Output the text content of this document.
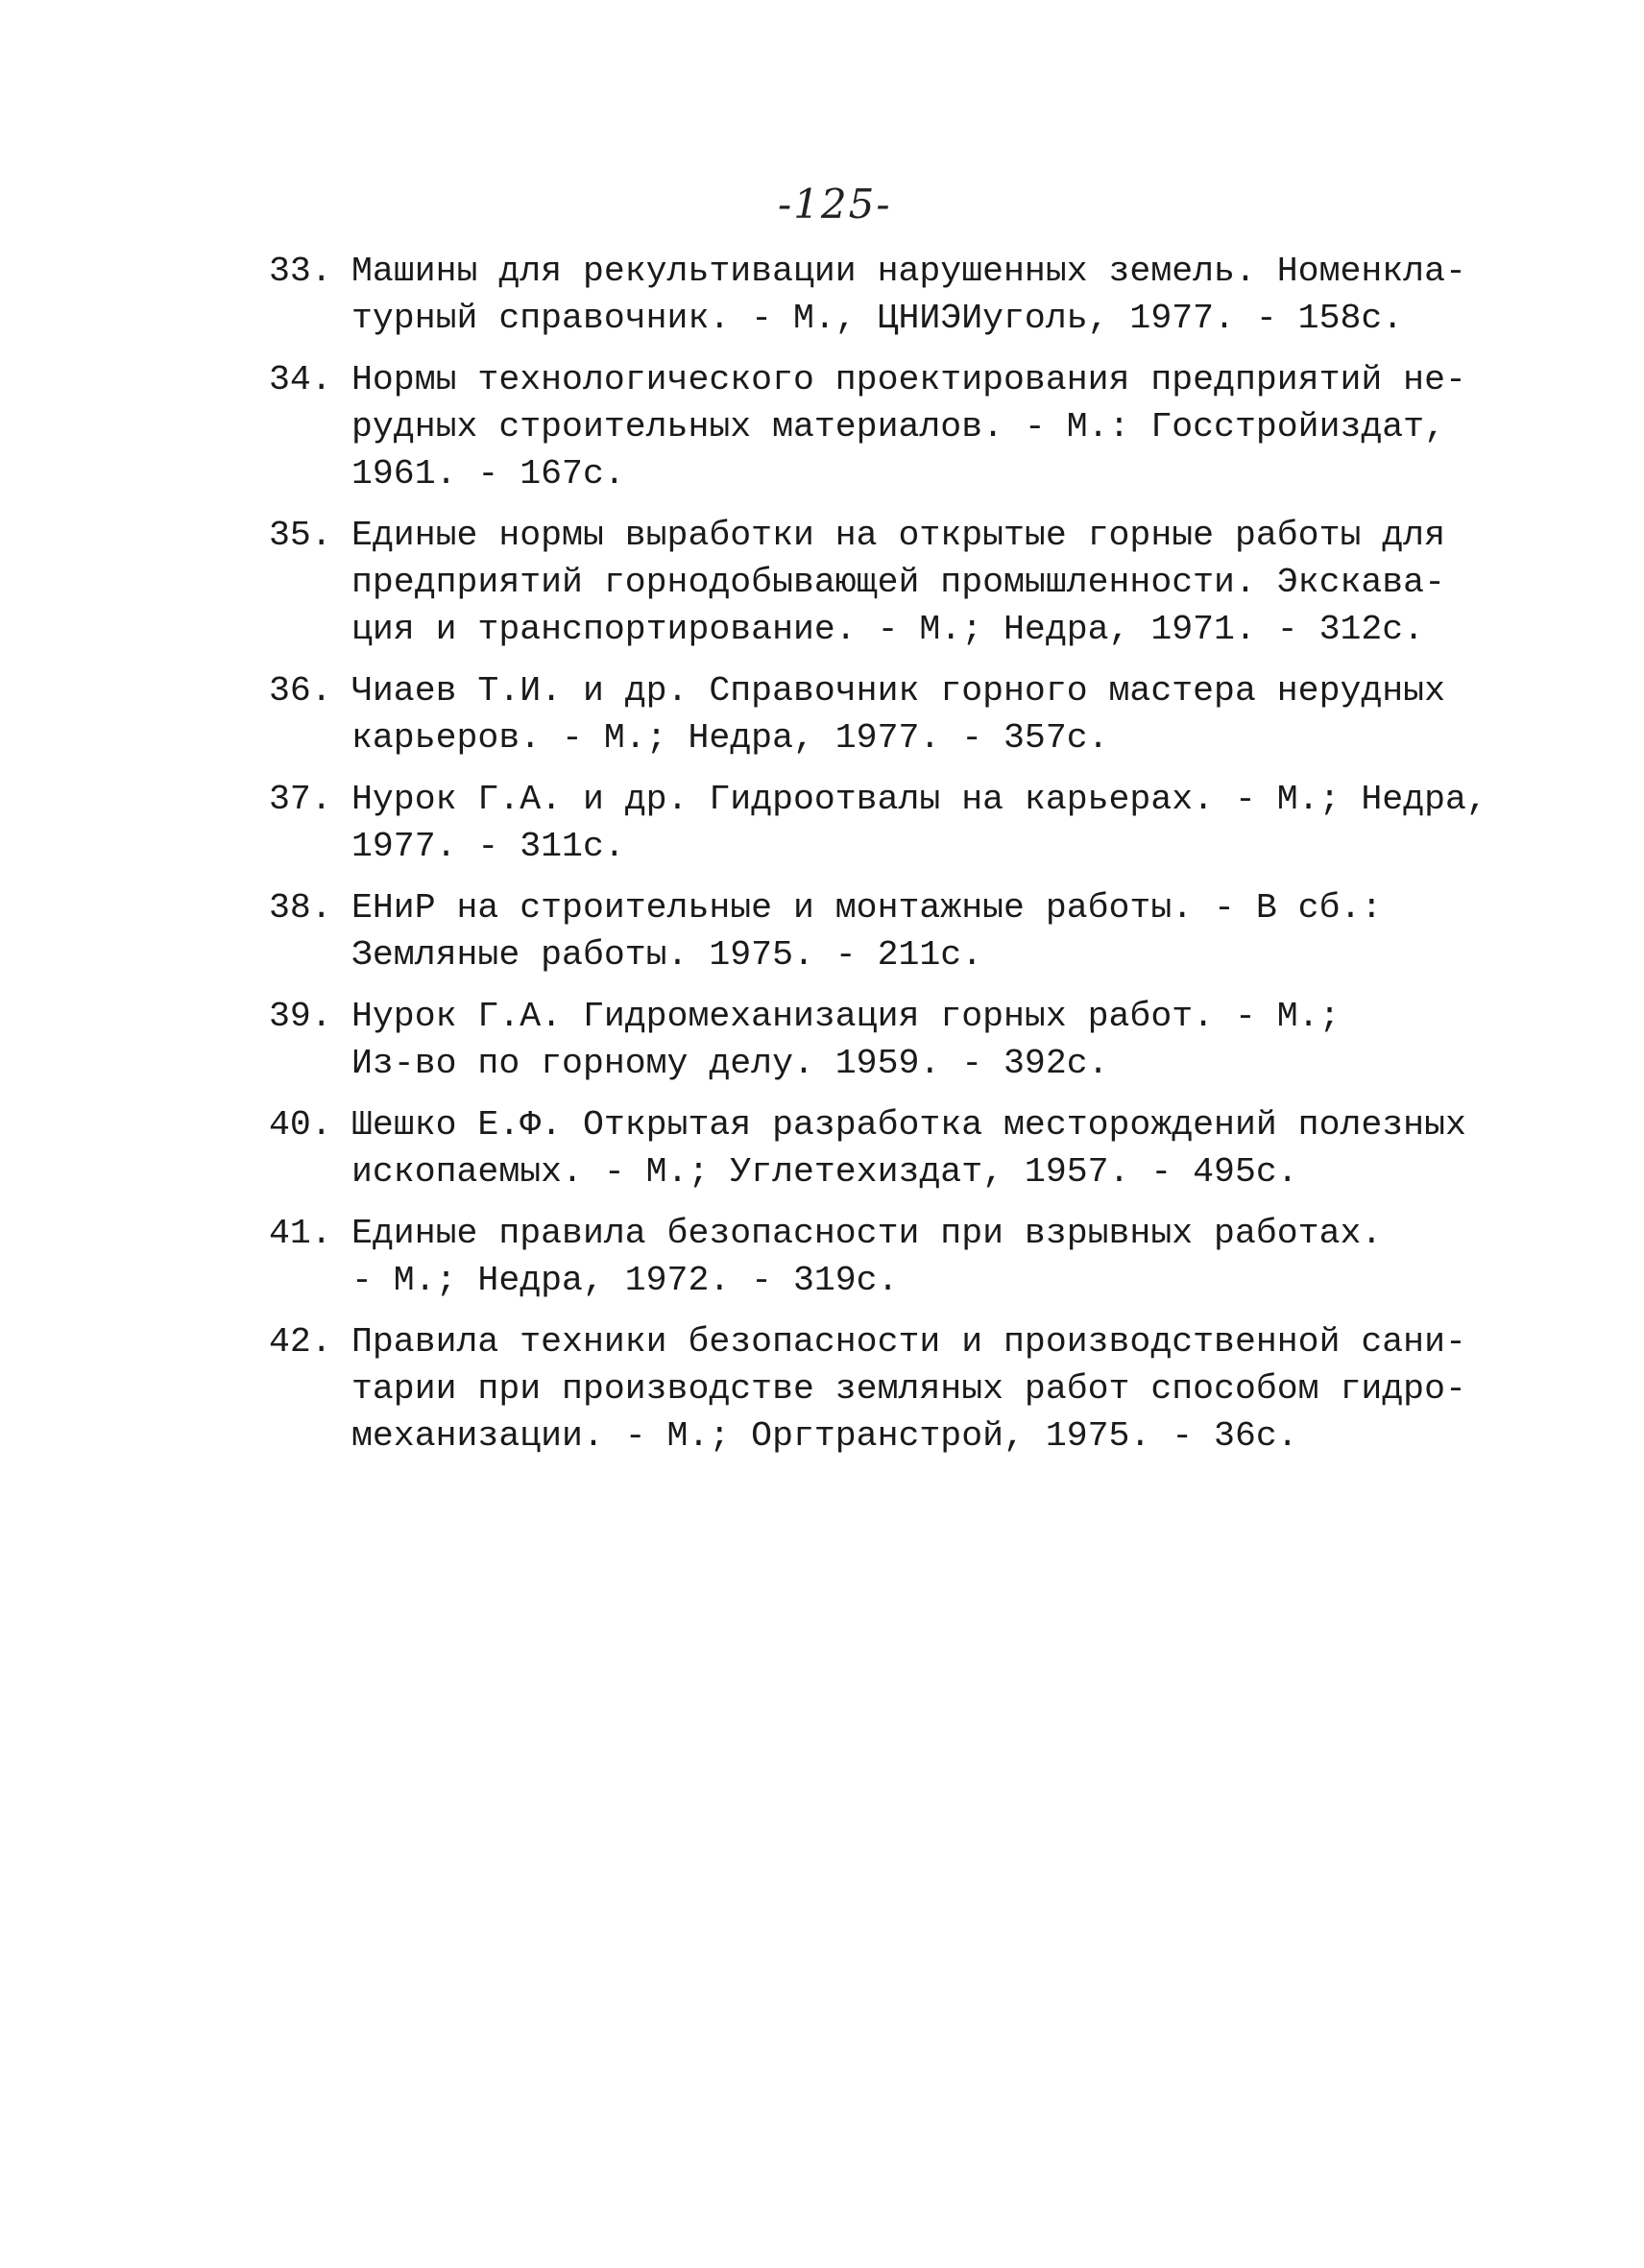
-125-
33. Машины для рекультивации нарушенных земель. Номенкла-
турный справочник. - М., ЦНИЭИуголь, 1977. - 158с.
34. Нормы технологического проектирования предприятий не-
рудных строительных материалов. - М.: Госстройиздат,
1961. - 167с.
35. Единые нормы выработки на открытые горные работы для
предприятий горнодобывающей промышленности. Экскава-
ция и транспортирование. - М.; Недра, 1971. - 312с.
36. Чиаев Т.И. и др. Справочник горного мастера нерудных
карьеров. - М.; Недра, 1977. - 357с.
37. Нурок Г.А. и др. Гидроотвалы на карьерах. - М.; Недра,
1977. - 311с.
38. ЕНиР на строительные и монтажные работы. - В сб.:
Земляные работы. 1975. - 211с.
39. Нурок Г.А. Гидромеханизация горных работ. - М.;
Из-во по горному делу. 1959. - 392с.
40. Шешко Е.Ф. Открытая разработка месторождений полезных
ископаемых. - М.; Углетехиздат, 1957. - 495с.
41. Единые правила безопасности при взрывных работах.
- М.; Недра, 1972. - 319с.
42. Правила техники безопасности и производственной сани-
тарии при производстве земляных работ способом гидро-
механизации. - М.; Оргтранстрой, 1975. - 36с.
